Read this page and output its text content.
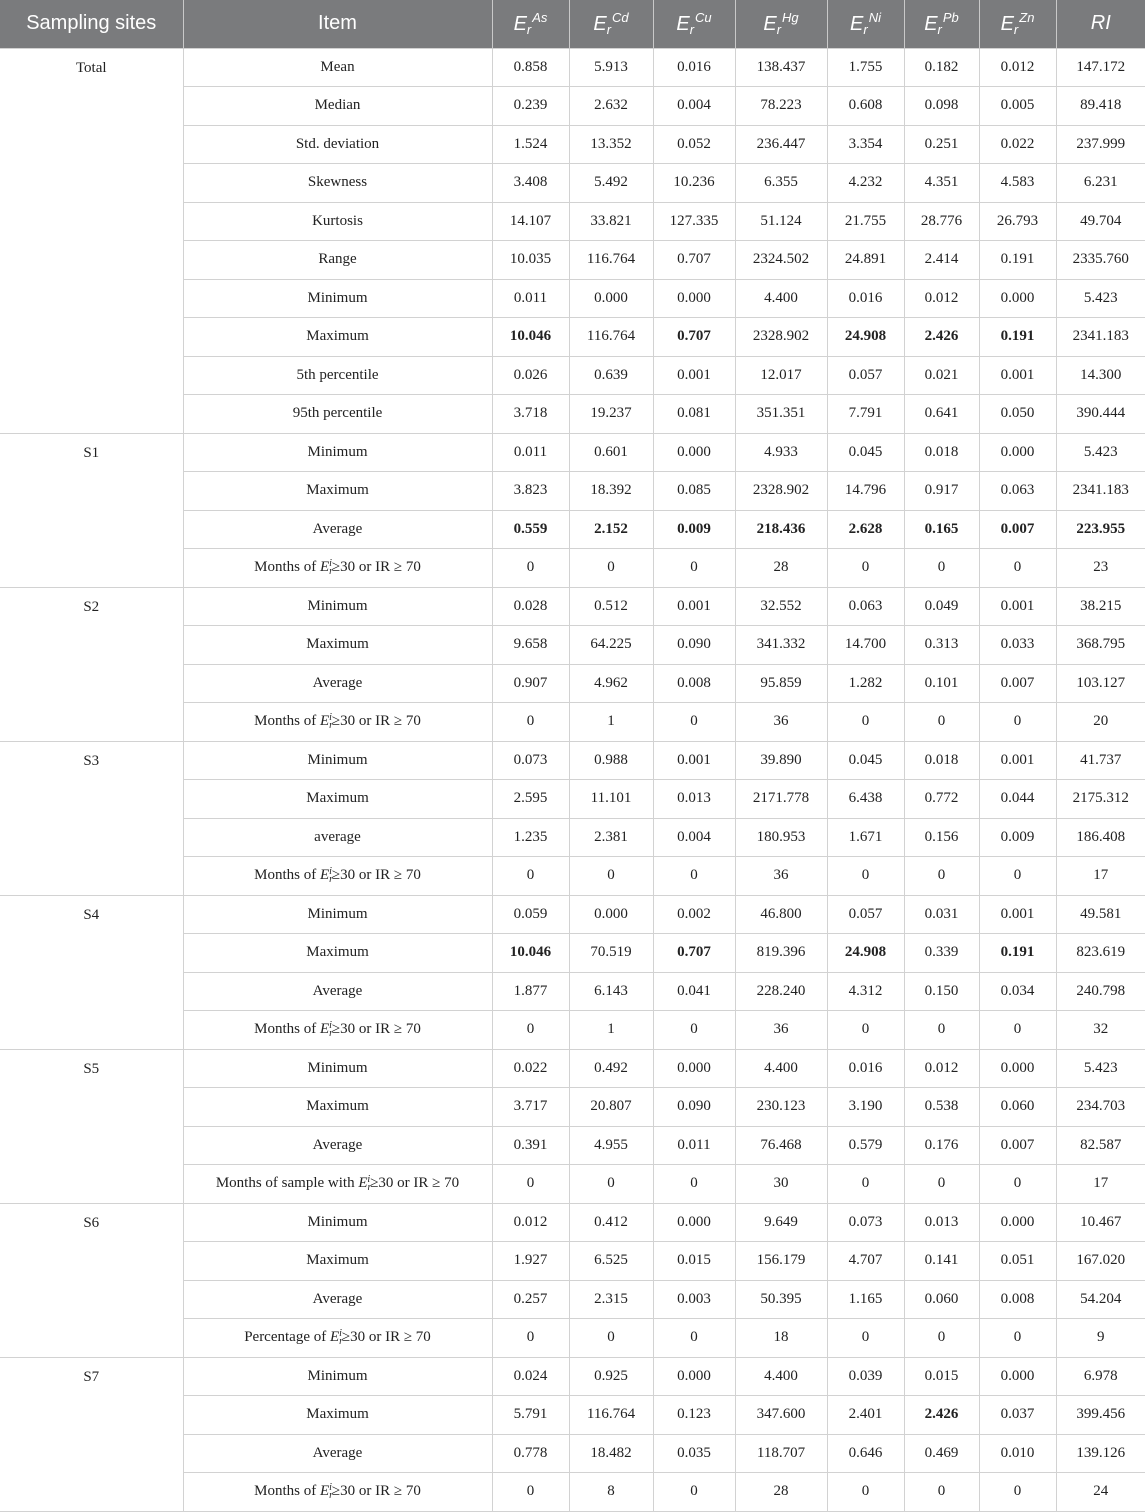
Sampling sites	Item	$E_r^{As}$	$E_r^{Cd}$	$E_r^{Cu}$	$E_r^{Hg}$	$E_r^{Ni}$	$E_r^{Pb}$	$E_r^{Zn}$	RI
Total	Mean	0.858	5.913	0.016	138.437	1.755	0.182	0.012	147.172
	Median	0.239	2.632	0.004	78.223	0.608	0.098	0.005	89.418
	Std. deviation	1.524	13.352	0.052	236.447	3.354	0.251	0.022	237.999
	Skewness	3.408	5.492	10.236	6.355	4.232	4.351	4.583	6.231
	Kurtosis	14.107	33.821	127.335	51.124	21.755	28.776	26.793	49.704
	Range	10.035	116.764	0.707	2324.502	24.891	2.414	0.191	2335.760
	Minimum	0.011	0.000	0.000	4.400	0.016	0.012	0.000	5.423
	Maximum	10.046	116.764	0.707	2328.902	24.908	2.426	0.191	2341.183
	5th percentile	0.026	0.639	0.001	12.017	0.057	0.021	0.001	14.300
	95th percentile	3.718	19.237	0.081	351.351	7.791	0.641	0.050	390.444
S1	Minimum	0.011	0.601	0.000	4.933	0.045	0.018	0.000	5.423
	Maximum	3.823	18.392	0.085	2328.902	14.796	0.917	0.063	2341.183
	Average	0.559	2.152	0.009	218.436	2.628	0.165	0.007	223.955
	Months of $E_r^i\ge 30$ or IR ≥ 70	0	0	0	28	0	0	0	23
S2	Minimum	0.028	0.512	0.001	32.552	0.063	0.049	0.001	38.215
	Maximum	9.658	64.225	0.090	341.332	14.700	0.313	0.033	368.795
	Average	0.907	4.962	0.008	95.859	1.282	0.101	0.007	103.127
	Months of $E_r^i\ge 30$ or IR ≥ 70	0	1	0	36	0	0	0	20
S3	Minimum	0.073	0.988	0.001	39.890	0.045	0.018	0.001	41.737
	Maximum	2.595	11.101	0.013	2171.778	6.438	0.772	0.044	2175.312
	average	1.235	2.381	0.004	180.953	1.671	0.156	0.009	186.408
	Months of $E_r^i\ge 30$ or IR ≥ 70	0	0	0	36	0	0	0	17
S4	Minimum	0.059	0.000	0.002	46.800	0.057	0.031	0.001	49.581
	Maximum	10.046	70.519	0.707	819.396	24.908	0.339	0.191	823.619
	Average	1.877	6.143	0.041	228.240	4.312	0.150	0.034	240.798
	Months of $E_r^i\ge 30$ or IR ≥ 70	0	1	0	36	0	0	0	32
S5	Minimum	0.022	0.492	0.000	4.400	0.016	0.012	0.000	5.423
	Maximum	3.717	20.807	0.090	230.123	3.190	0.538	0.060	234.703
	Average	0.391	4.955	0.011	76.468	0.579	0.176	0.007	82.587
	Months of sample with $E_r^i\ge 30$ or IR ≥ 70	0	0	0	30	0	0	0	17
S6	Minimum	0.012	0.412	0.000	9.649	0.073	0.013	0.000	10.467
	Maximum	1.927	6.525	0.015	156.179	4.707	0.141	0.051	167.020
	Average	0.257	2.315	0.003	50.395	1.165	0.060	0.008	54.204
	Percentage of $E_r^i\ge 30$ or IR ≥ 70	0	0	0	18	0	0	0	9
S7	Minimum	0.024	0.925	0.000	4.400	0.039	0.015	0.000	6.978
	Maximum	5.791	116.764	0.123	347.600	2.401	2.426	0.037	399.456
	Average	0.778	18.482	0.035	118.707	0.646	0.469	0.010	139.126
	Months of $E_r^i\ge 30$ or IR ≥ 70	0	8	0	28	0	0	0	24
